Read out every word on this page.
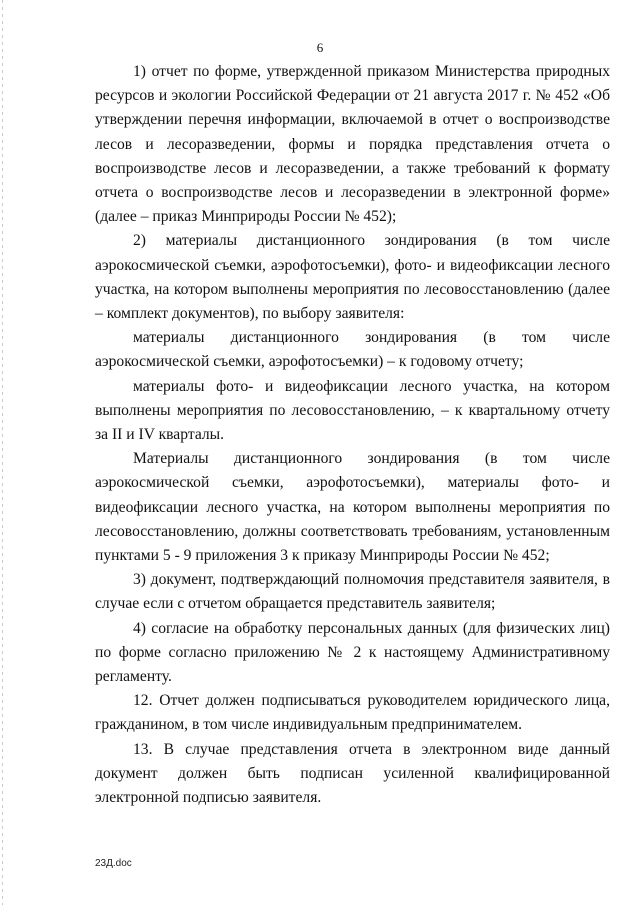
6

1) отчет по форме, утвержденной приказом Министерства природных ресурсов и экологии Российской Федерации от 21 августа 2017 г. № 452 «Об утверждении перечня информации, включаемой в отчет о воспроизводстве лесов и лесоразведении, формы и порядка представления отчета о воспроизводстве лесов и лесоразведении, а также требований к формату отчета о воспроизводстве лесов и лесоразведении в электронной форме» (далее – приказ Минприроды России № 452);

2) материалы дистанционного зондирования (в том числе аэрокосмической съемки, аэрофотосъемки), фото- и видеофиксации лесного участка, на котором выполнены мероприятия по лесовосстановлению (далее – комплект документов), по выбору заявителя:

материалы дистанционного зондирования (в том числе аэрокосмической съемки, аэрофотосъемки) – к годовому отчету;

материалы фото- и видеофиксации лесного участка, на котором выполнены мероприятия по лесовосстановлению, – к квартальному отчету за II и IV кварталы.

Материалы дистанционного зондирования (в том числе аэрокосмической съемки, аэрофотосъемки), материалы фото- и видеофиксации лесного участка, на котором выполнены мероприятия по лесовосстановлению, должны соответствовать требованиям, установленным пунктами 5 - 9 приложения 3 к приказу Минприроды России № 452;

3) документ, подтверждающий полномочия представителя заявителя, в случае если с отчетом обращается представитель заявителя;

4) согласие на обработку персональных данных (для физических лиц) по форме согласно приложению № 2 к настоящему Административному регламенту.

12. Отчет должен подписываться руководителем юридического лица, гражданином, в том числе индивидуальным предпринимателем.

13. В случае представления отчета в электронном виде данный документ должен быть подписан усиленной квалифицированной электронной подписью заявителя.

23Д.doc
